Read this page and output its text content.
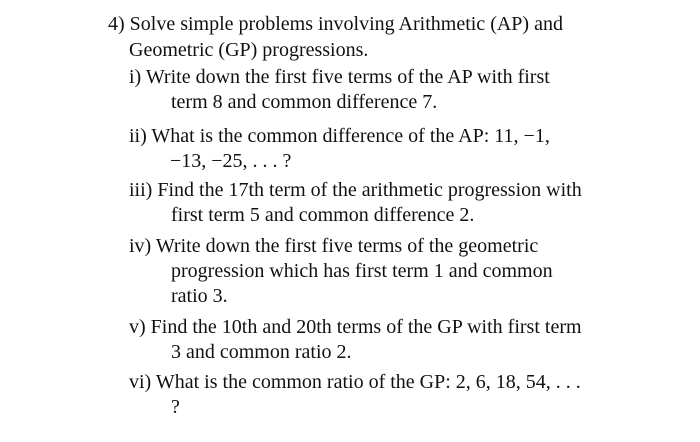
4) Solve simple problems involving Arithmetic (AP) and
Geometric (GP) progressions.
i) Write down the first five terms of the AP with first
term 8 and common difference 7.
ii) What is the common difference of the AP: 11, −1,
−13, −25, . . . ?
iii) Find the 17th term of the arithmetic progression with
first term 5 and common difference 2.
iv) Write down the first five terms of the geometric
progression which has first term 1 and common
ratio 3.
v) Find the 10th and 20th terms of the GP with first term
3 and common ratio 2.
vi) What is the common ratio of the GP: 2, 6, 18, 54, . . .
?
